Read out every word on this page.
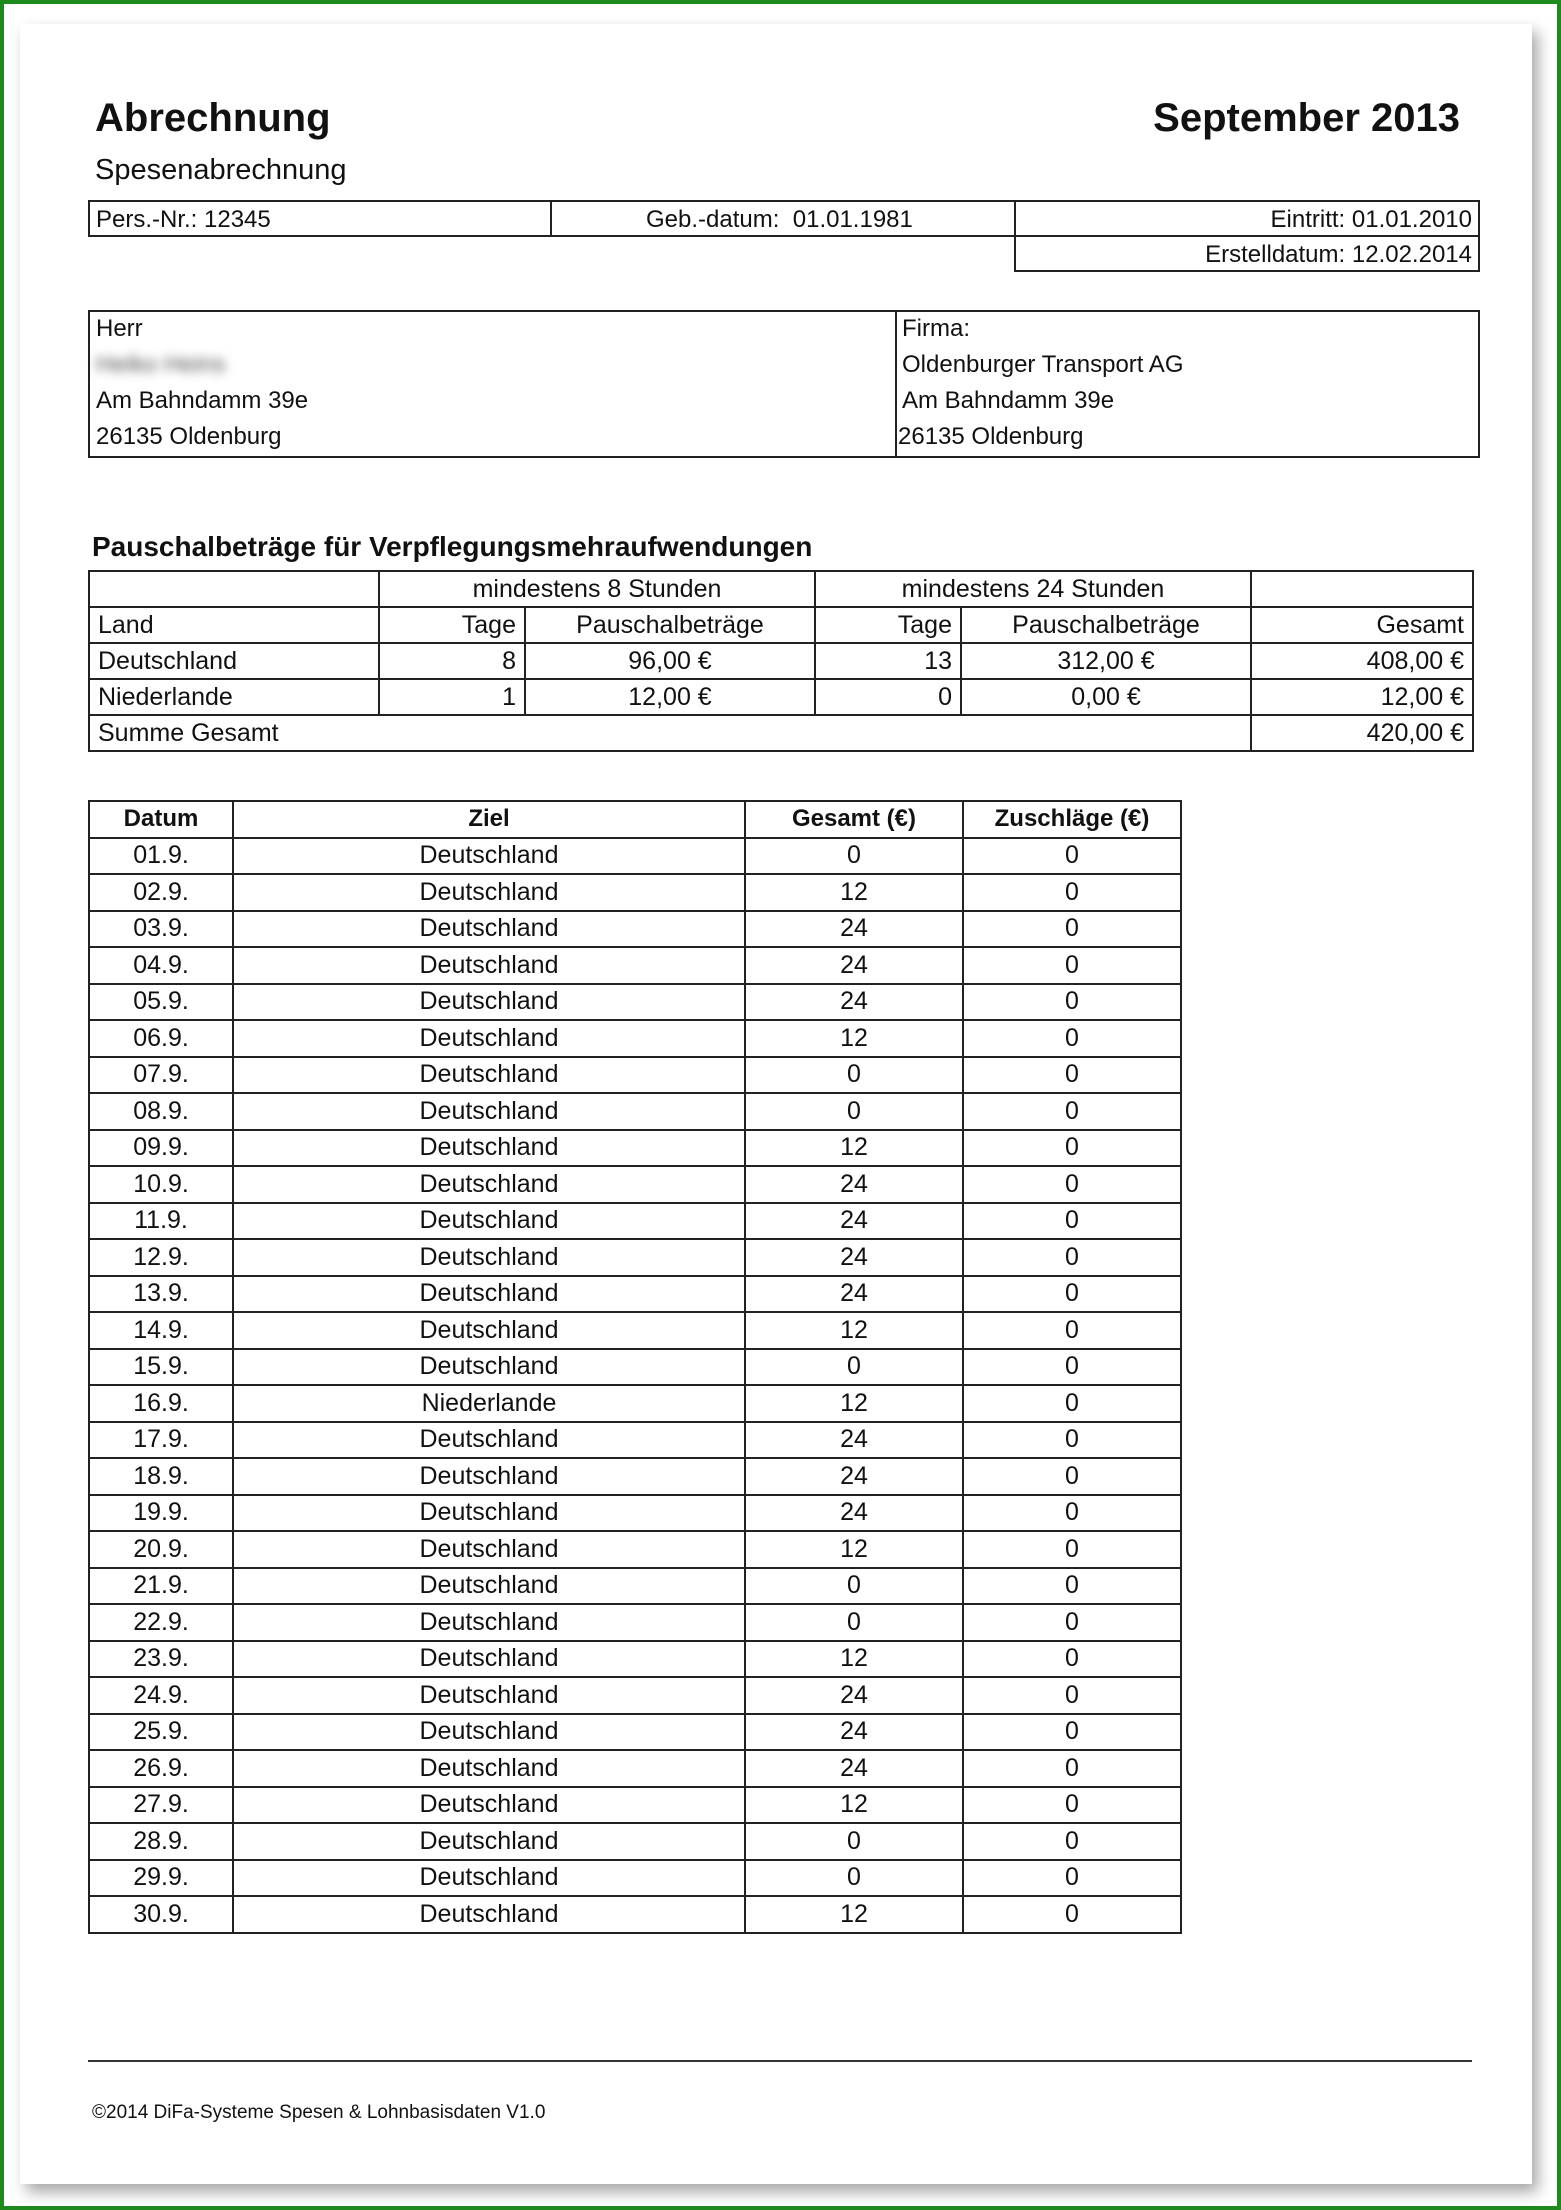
Abrechnung	September 2013
Spesenabrechnung
Pers.-Nr.: 12345	Geb.-datum: 01.01.1981	Eintritt: 01.01.2010
Erstelldatum: 12.02.2014
Herr
Heiko Heins
Am Bahndamm 39e
26135 Oldenburg
Firma:
Oldenburger Transport AG
Am Bahndamm 39e
26135 Oldenburg
Pauschalbeträge für Verpflegungsmehraufwendungen
	mindestens 8 Stunden		mindestens 24 Stunden		
Land	Tage	Pauschalbeträge	Tage	Pauschalbeträge	Gesamt
Deutschland	8	96,00 €	13	312,00 €	408,00 €
Niederlande	1	12,00 €	0	0,00 €	12,00 €
Summe Gesamt					420,00 €
Datum	Ziel	Gesamt (€)	Zuschläge (€)
01.9.	Deutschland	0	0
02.9.	Deutschland	12	0
03.9.	Deutschland	24	0
04.9.	Deutschland	24	0
05.9.	Deutschland	24	0
06.9.	Deutschland	12	0
07.9.	Deutschland	0	0
08.9.	Deutschland	0	0
09.9.	Deutschland	12	0
10.9.	Deutschland	24	0
11.9.	Deutschland	24	0
12.9.	Deutschland	24	0
13.9.	Deutschland	24	0
14.9.	Deutschland	12	0
15.9.	Deutschland	0	0
16.9.	Niederlande	12	0
17.9.	Deutschland	24	0
18.9.	Deutschland	24	0
19.9.	Deutschland	24	0
20.9.	Deutschland	12	0
21.9.	Deutschland	0	0
22.9.	Deutschland	0	0
23.9.	Deutschland	12	0
24.9.	Deutschland	24	0
25.9.	Deutschland	24	0
26.9.	Deutschland	24	0
27.9.	Deutschland	12	0
28.9.	Deutschland	0	0
29.9.	Deutschland	0	0
30.9.	Deutschland	12	0
©2014 DiFa-Systeme Spesen & Lohnbasisdaten V1.0
